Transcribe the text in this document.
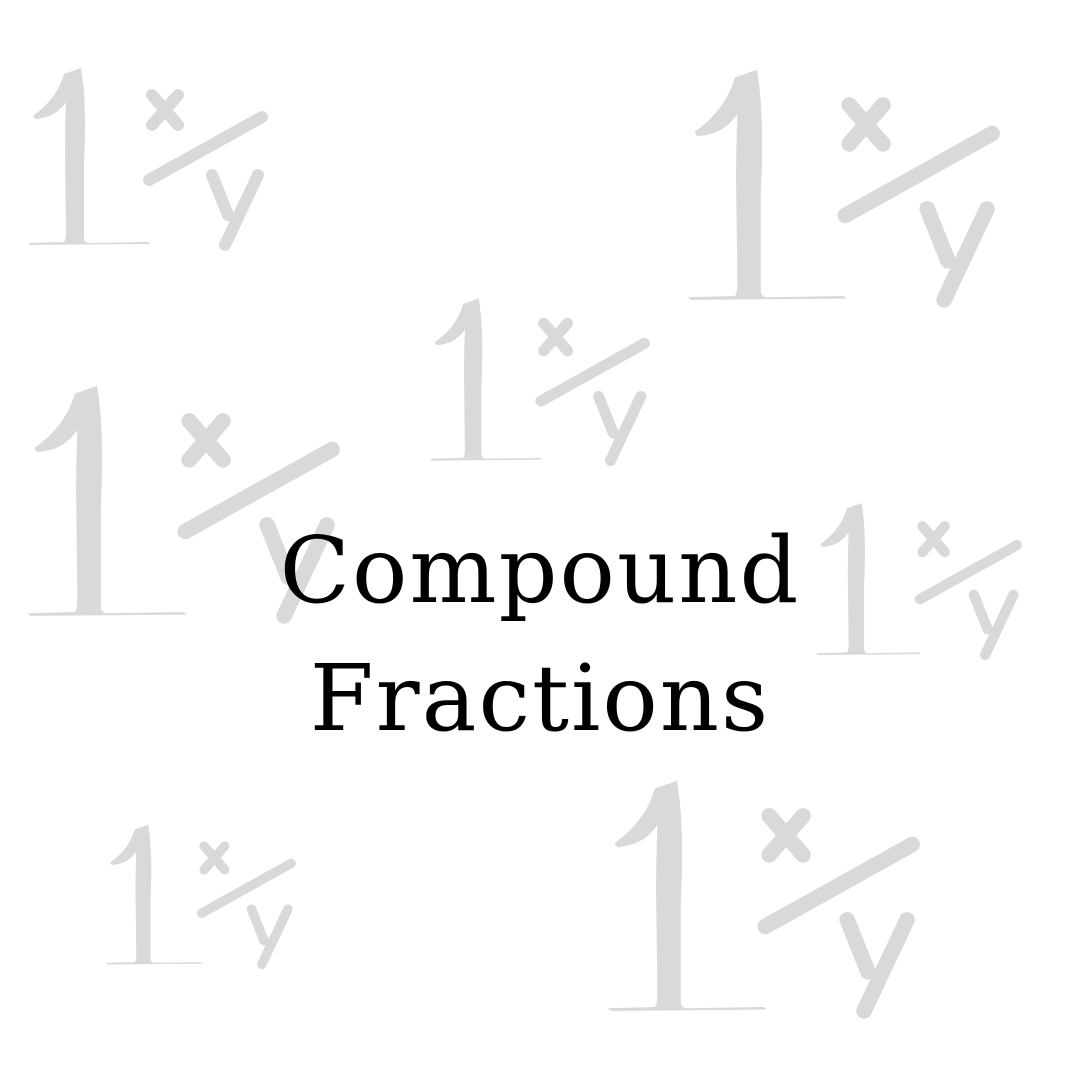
Compound
Fractions
